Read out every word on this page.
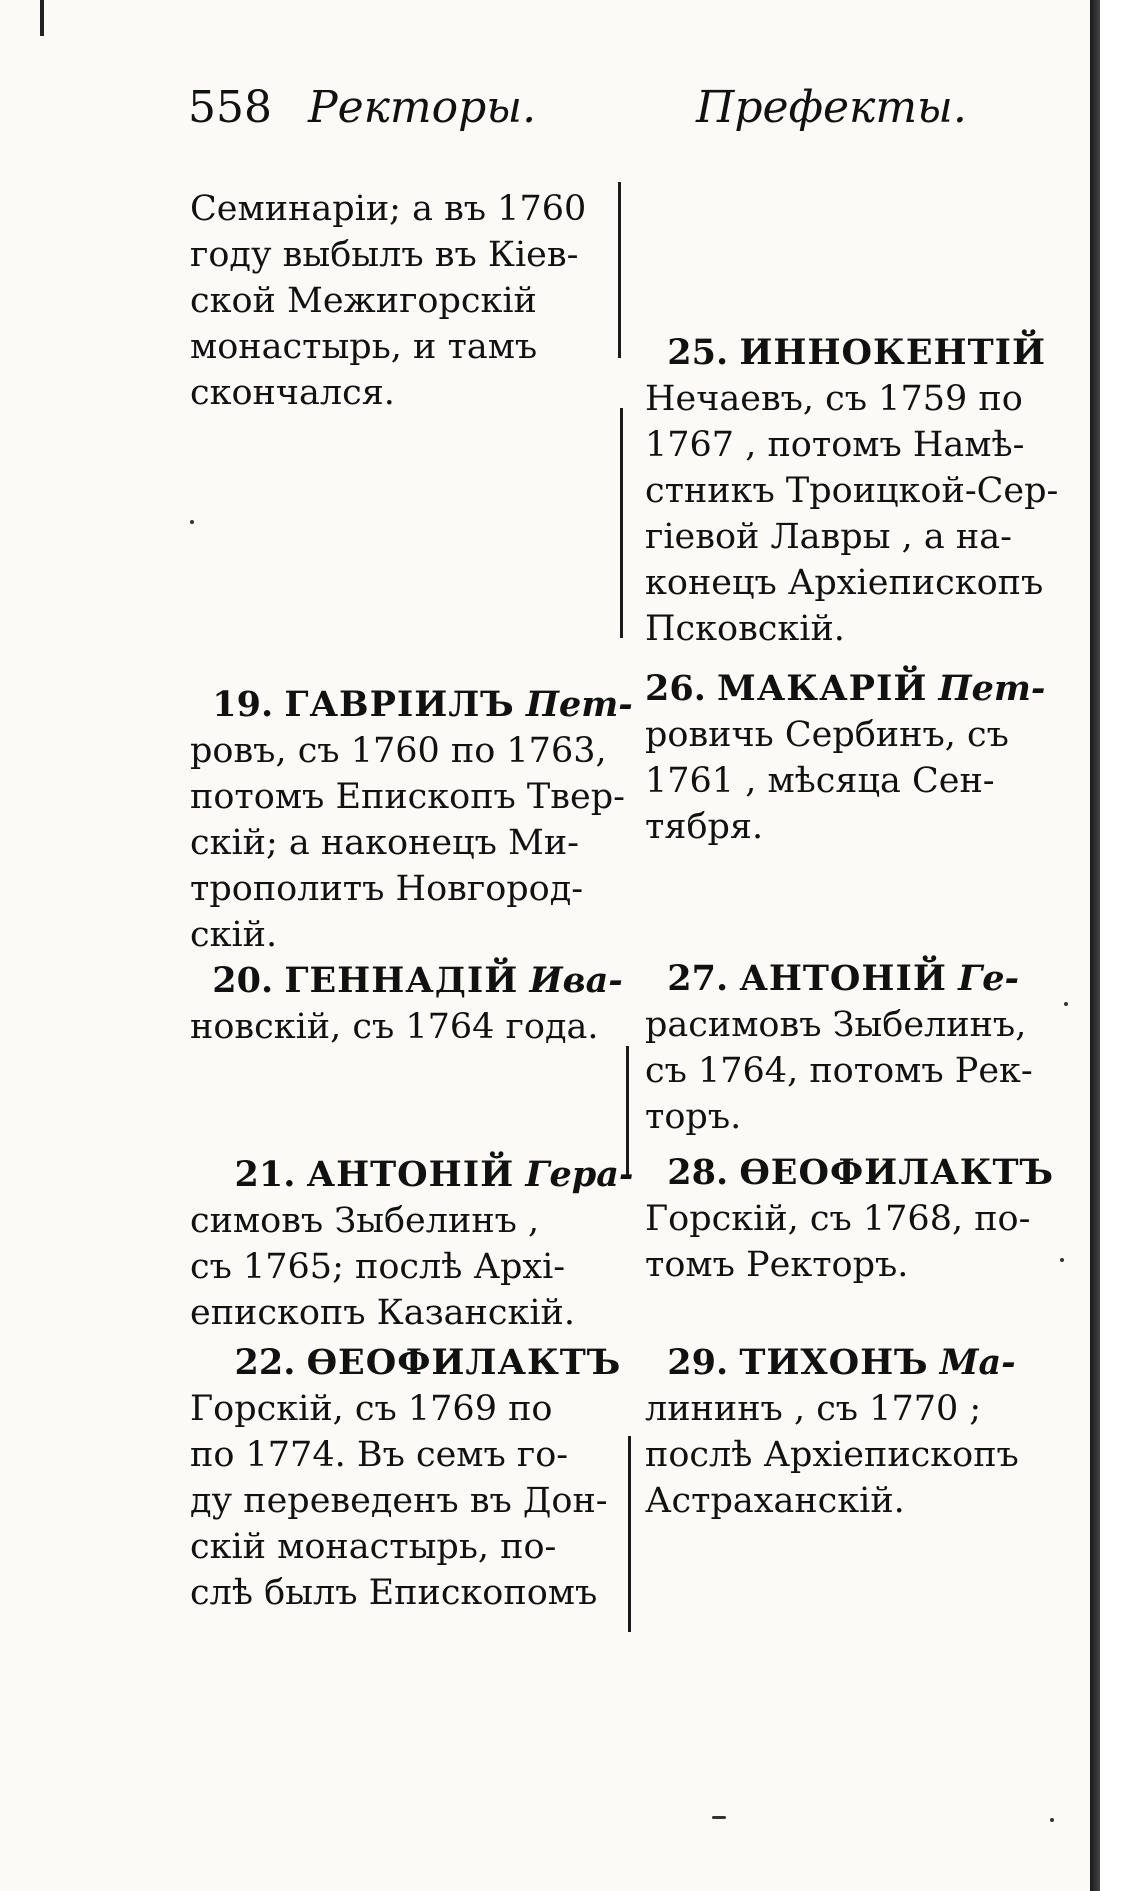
558 Ректоры.	Префекты.
Семинаріи; а въ 1760
году выбылъ въ Кіев-
ской Межигорскій
монастырь, и тамъ
скончался.
19. ГАВРІИЛЪ Пет-
ровъ, съ 1760 по 1763,
потомъ Епископъ Твер-
скій; а наконецъ Ми-
трополитъ Новгород-
скій.
20. ГЕННАДІЙ Ива-
новскій, съ 1764 года.
21. АНТОНІЙ Гера-
симовъ Зыбелинъ ,
съ 1765; послѣ Архі-
епископъ Казанскій.
22. ѲЕОФИЛАКТЪ
Горскій, съ 1769 по
по 1774. Въ семъ го-
ду переведенъ въ Дон-
скій монастырь, по-
слѣ былъ Епископомъ
25. ИННОКЕНТІЙ
Нечаевъ, съ 1759 по
1767 , потомъ Намѣ-
стникъ Троицкой-Сер-
гіевой Лавры , а на-
конецъ Архіепископъ
Псковскій.
26. МАКАРІЙ Пет-
ровичь Сербинъ, съ
1761 , мѣсяца Сен-
тября.
27. АНТОНІЙ Ге-
расимовъ Зыбелинъ,
съ 1764, потомъ Рек-
торъ.
28. ѲЕОФИЛАКТЪ
Горскій, съ 1768, по-
томъ Ректоръ.
29. ТИХОНЪ Ма-
лининъ , съ 1770 ;
послѣ Архіепископъ
Астраханскій.
